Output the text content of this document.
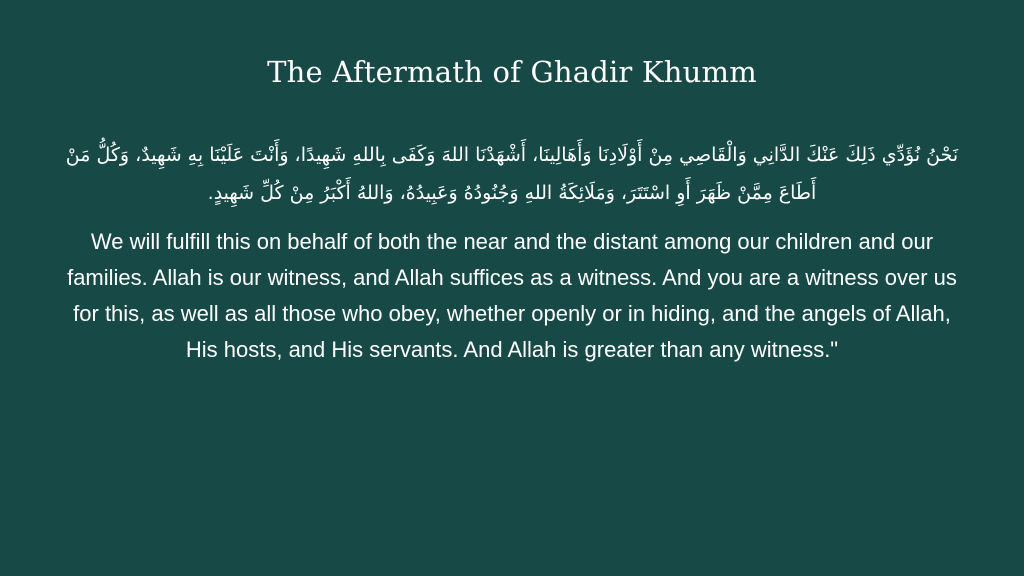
The Aftermath of Ghadir Khumm

نَحْنُ نُؤَدِّي ذَلِكَ عَنْكَ الدَّانِي وَالْقَاصِي مِنْ أَوْلَادِنَا وَأَهَالِينَا، أَشْهَدْنَا اللهَ وَكَفَى بِاللهِ شَهِيدًا، وَأَنْتَ عَلَيْنَا بِهِ شَهِيدٌ، وَكُلُّ مَنْ أَطَاعَ مِمَّنْ ظَهَرَ أَوِ اسْتَتَرَ، وَمَلَائِكَةُ اللهِ وَجُنُودُهُ وَعَبِيدُهُ، وَاللهُ أَكْبَرُ مِنْ كُلِّ شَهِيدٍ.

We will fulfill this on behalf of both the near and the distant among our children and our families. Allah is our witness, and Allah suffices as a witness. And you are a witness over us for this, as well as all those who obey, whether openly or in hiding, and the angels of Allah, His hosts, and His servants. And Allah is greater than any witness."
